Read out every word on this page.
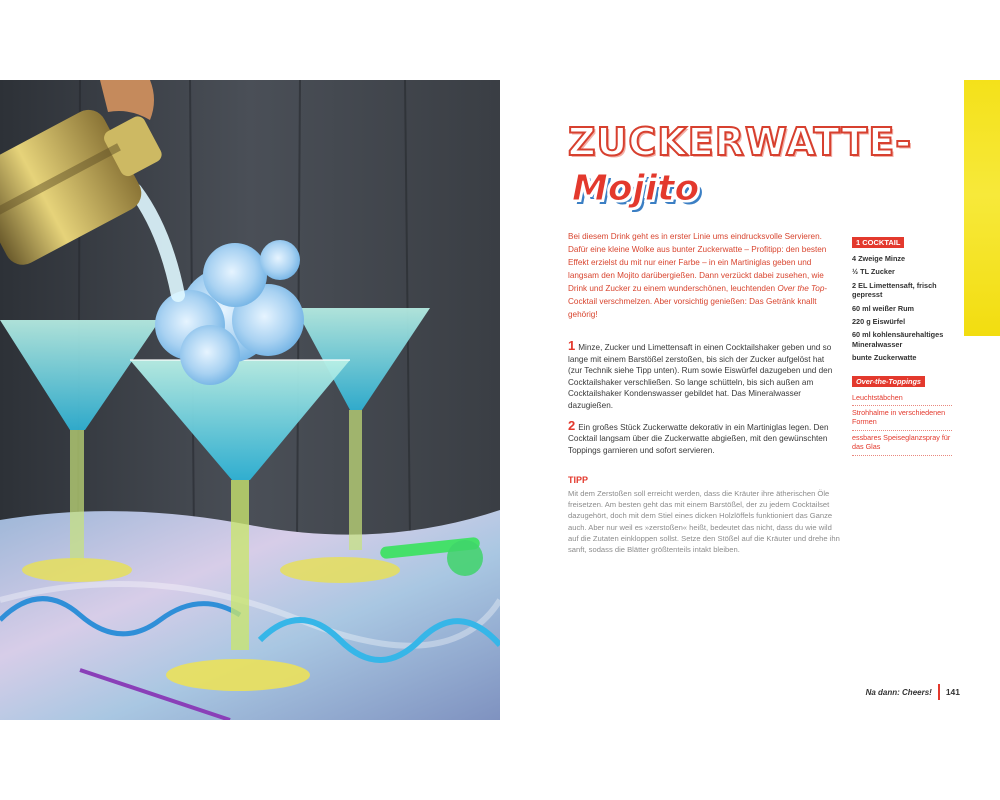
ZUCKERWATTE-
Mojito

Bei diesem Drink geht es in erster Linie ums eindrucksvolle Servieren. Dafür eine kleine Wolke aus bunter Zuckerwatte – Profitipp: den besten Effekt erzielst du mit nur einer Farbe – in ein Martiniglas geben und langsam den Mojito darübergießen. Dann verzückt dabei zusehen, wie Drink und Zucker zu einem wunderschönen, leuchtenden Over the Top-Cocktail verschmelzen. Aber vorsichtig genießen: Das Getränk knallt gehörig!

1 Minze, Zucker und Limettensaft in einen Cocktailshaker geben und so lange mit einem Barstößel zerstoßen, bis sich der Zucker aufgelöst hat (zur Technik siehe Tipp unten). Rum sowie Eiswürfel dazugeben und den Cocktailshaker verschließen. So lange schütteln, bis sich außen am Cocktailshaker Kondenswasser gebildet hat. Das Mineralwasser dazugießen.

2 Ein großes Stück Zuckerwatte dekorativ in ein Martiniglas legen. Den Cocktail langsam über die Zuckerwatte abgießen, mit den gewünschten Toppings garnieren und sofort servieren.

TIPP

Mit dem Zerstoßen soll erreicht werden, dass die Kräuter ihre ätherischen Öle freisetzen. Am besten geht das mit einem Barstößel, der zu jedem Cocktailset dazugehört, doch mit dem Stiel eines dicken Holzlöffels funktioniert das Ganze auch. Aber nur weil es »zerstoßen« heißt, bedeutet das nicht, dass du wie wild auf die Zutaten einkloppen sollst. Setze den Stößel auf die Kräuter und drehe ihn sanft, sodass die Blätter größtenteils intakt bleiben.

1 COCKTAIL
4 Zweige Minze
½ TL Zucker
2 EL Limettensaft, frisch gepresst
60 ml weißer Rum
220 g Eiswürfel
60 ml kohlensäurehaltiges Mineralwasser
bunte Zuckerwatte
Over-the-Toppings
Leuchtstäbchen
Strohhalme in verschiedenen Formen
essbares Speiseglanzspray für das Glas
Na dann: Cheers! 141
